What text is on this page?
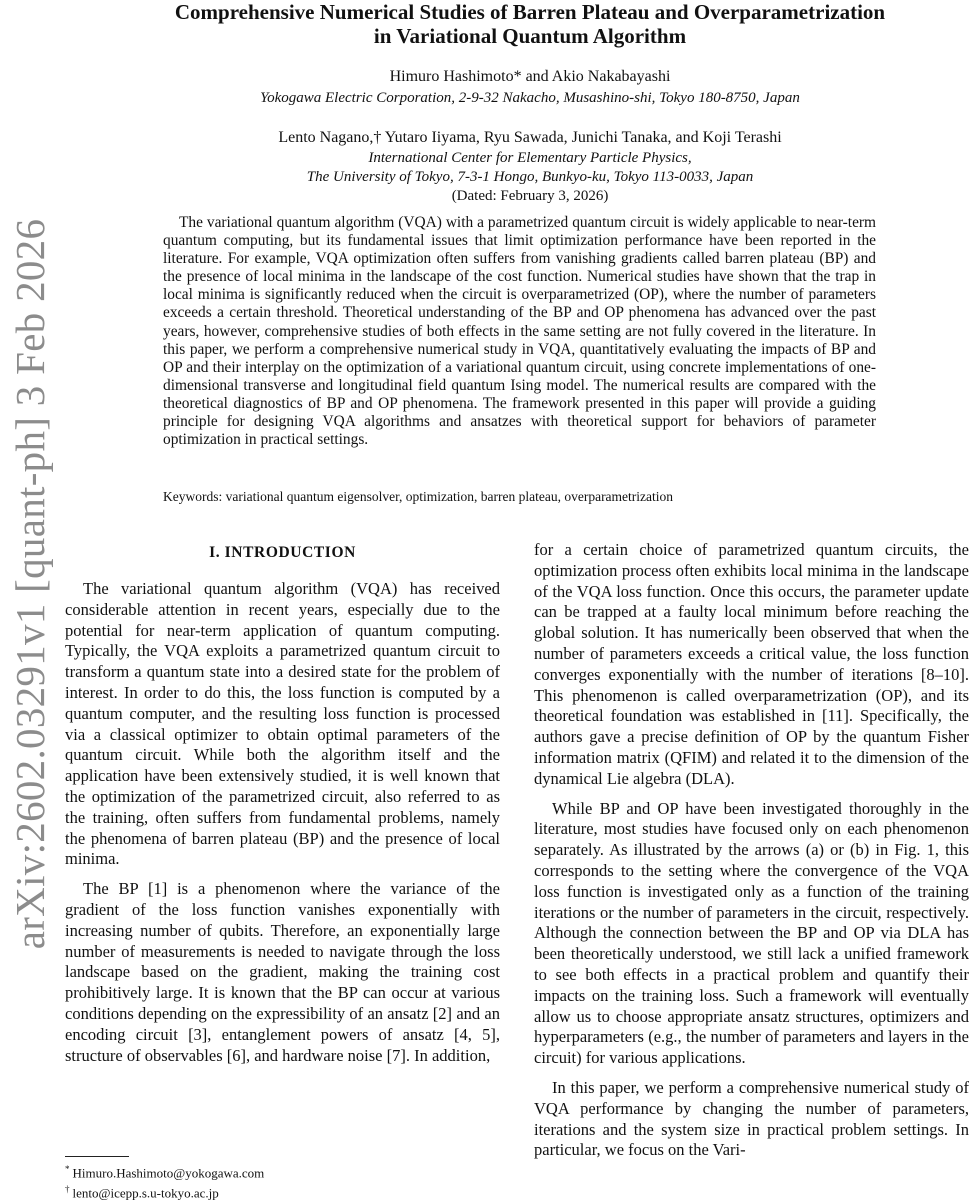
arXiv:2602.03291v1 [quant-ph] 3 Feb 2026
Comprehensive Numerical Studies of Barren Plateau and Overparametrization
in Variational Quantum Algorithm
Himuro Hashimoto* and Akio Nakabayashi
Yokogawa Electric Corporation, 2-9-32 Nakacho, Musashino-shi, Tokyo 180-8750, Japan
Lento Nagano,† Yutaro Iiyama, Ryu Sawada, Junichi Tanaka, and Koji Terashi
International Center for Elementary Particle Physics,
The University of Tokyo, 7-3-1 Hongo, Bunkyo-ku, Tokyo 113-0033, Japan
(Dated: February 3, 2026)

The variational quantum algorithm (VQA) with a parametrized quantum circuit is widely applicable to near-term quantum computing, but its fundamental issues that limit optimization performance have been reported in the literature. For example, VQA optimization often suffers from vanishing gradients called barren plateau (BP) and the presence of local minima in the landscape of the cost function. Numerical studies have shown that the trap in local minima is significantly reduced when the circuit is overparametrized (OP), where the number of parameters exceeds a certain threshold. Theoretical understanding of the BP and OP phenomena has advanced over the past years, however, comprehensive studies of both effects in the same setting are not fully covered in the literature. In this paper, we perform a comprehensive numerical study in VQA, quantitatively evaluating the impacts of BP and OP and their interplay on the optimization of a variational quantum circuit, using concrete implementations of one-dimensional transverse and longitudinal field quantum Ising model. The numerical results are compared with the theoretical diagnostics of BP and OP phenomena. The framework presented in this paper will provide a guiding principle for designing VQA algorithms and ansatzes with theoretical support for behaviors of parameter optimization in practical settings.

Keywords: variational quantum eigensolver, optimization, barren plateau, overparametrization
I. INTRODUCTION

The variational quantum algorithm (VQA) has received considerable attention in recent years, especially due to the potential for near-term application of quantum computing. Typically, the VQA exploits a parametrized quantum circuit to transform a quantum state into a desired state for the problem of interest. In order to do this, the loss function is computed by a quantum computer, and the resulting loss function is processed via a classical optimizer to obtain optimal parameters of the quantum circuit. While both the algorithm itself and the application have been extensively studied, it is well known that the optimization of the parametrized circuit, also referred to as the training, often suffers from fundamental problems, namely the phenomena of barren plateau (BP) and the presence of local minima.

The BP [1] is a phenomenon where the variance of the gradient of the loss function vanishes exponentially with increasing number of qubits. Therefore, an exponentially large number of measurements is needed to navigate through the loss landscape based on the gradient, making the training cost prohibitively large. It is known that the BP can occur at various conditions depending on the expressibility of an ansatz [2] and an encoding circuit [3], entanglement powers of ansatz [4, 5], structure of observables [6], and hardware noise [7]. In addition,

for a certain choice of parametrized quantum circuits, the optimization process often exhibits local minima in the landscape of the VQA loss function. Once this occurs, the parameter update can be trapped at a faulty local minimum before reaching the global solution. It has numerically been observed that when the number of parameters exceeds a critical value, the loss function converges exponentially with the number of iterations [8–10]. This phenomenon is called overparametrization (OP), and its theoretical foundation was established in [11]. Specifically, the authors gave a precise definition of OP by the quantum Fisher information matrix (QFIM) and related it to the dimension of the dynamical Lie algebra (DLA).

While BP and OP have been investigated thoroughly in the literature, most studies have focused only on each phenomenon separately. As illustrated by the arrows (a) or (b) in Fig. 1, this corresponds to the setting where the convergence of the VQA loss function is investigated only as a function of the training iterations or the number of parameters in the circuit, respectively. Although the connection between the BP and OP via DLA has been theoretically understood, we still lack a unified framework to see both effects in a practical problem and quantify their impacts on the training loss. Such a framework will eventually allow us to choose appropriate ansatz structures, optimizers and hyperparameters (e.g., the number of parameters and layers in the circuit) for various applications.

In this paper, we perform a comprehensive numerical study of VQA performance by changing the number of parameters, iterations and the system size in practical problem settings. In particular, we focus on the Vari-

* Himuro.Hashimoto@yokogawa.com
† lento@icepp.s.u-tokyo.ac.jp
